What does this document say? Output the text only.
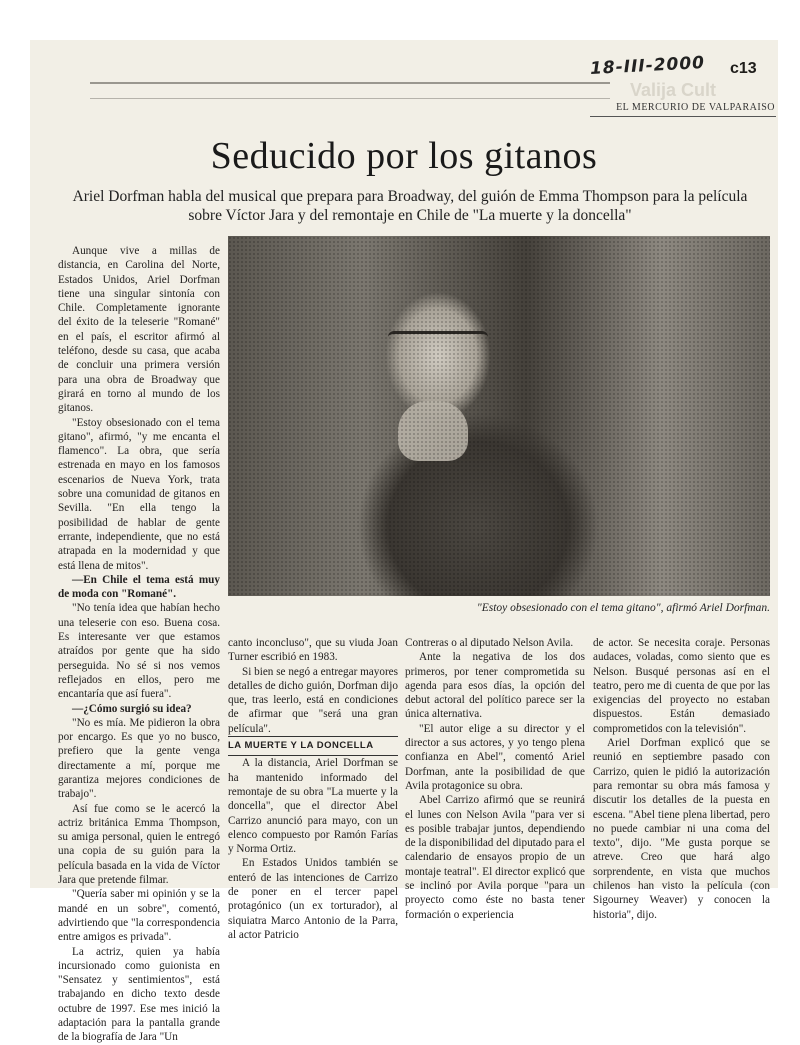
18-III-2000 c13
Valija Cult
EL MERCURIO DE VALPARAISO
Seducido por los gitanos
Ariel Dorfman habla del musical que prepara para Broadway, del guión de Emma Thompson para la película sobre Víctor Jara y del remontaje en Chile de "La muerte y la doncella"
"Estoy obsesionado con el tema gitano", afirmó Ariel Dorfman.

Aunque vive a millas de distancia, en Carolina del Norte, Estados Unidos, Ariel Dorfman tiene una singular sintonía con Chile. Completamente ignorante del éxito de la teleserie "Romané" en el país, el escritor afirmó al teléfono, desde su casa, que acaba de concluir una primera versión para una obra de Broadway que girará en torno al mundo de los gitanos.

"Estoy obsesionado con el tema gitano", afirmó, "y me encanta el flamenco". La obra, que sería estrenada en mayo en los famosos escenarios de Nueva York, trata sobre una comunidad de gitanos en Sevilla. "En ella tengo la posibilidad de hablar de gente errante, independiente, que no está atrapada en la modernidad y que está llena de mitos".

—En Chile el tema está muy de moda con "Romané".

"No tenía idea que habían hecho una teleserie con eso. Buena cosa. Es interesante ver que estamos atraídos por gente que ha sido perseguida. No sé si nos vemos reflejados en ellos, pero me encantaría que así fuera".

—¿Cómo surgió su idea?

"No es mía. Me pidieron la obra por encargo. Es que yo no busco, prefiero que la gente venga directamente a mí, porque me garantiza mejores condiciones de trabajo".

Así fue como se le acercó la actriz británica Emma Thompson, su amiga personal, quien le entregó una copia de su guión para la película basada en la vida de Víctor Jara que pretende filmar.

"Quería saber mi opinión y se la mandé en un sobre", comentó, advirtiendo que "la correspondencia entre amigos es privada".

La actriz, quien ya había incursionado como guionista en "Sensatez y sentimientos", está trabajando en dicho texto desde octubre de 1997. Ese mes inició la adaptación para la pantalla grande de la biografía de Jara "Un

canto inconcluso", que su viuda Joan Turner escribió en 1983.

Si bien se negó a entregar mayores detalles de dicho guión, Dorfman dijo que, tras leerlo, está en condiciones de afirmar que "será una gran película".

LA MUERTE Y LA DONCELLA

A la distancia, Ariel Dorfman se ha mantenido informado del remontaje de su obra "La muerte y la doncella", que el director Abel Carrizo anunció para mayo, con un elenco compuesto por Ramón Farías y Norma Ortiz.

En Estados Unidos también se enteró de las intenciones de Carrizo de poner en el tercer papel protagónico (un ex torturador), al siquiatra Marco Antonio de la Parra, al actor Patricio

Contreras o al diputado Nelson Avila.

Ante la negativa de los dos primeros, por tener comprometida su agenda para esos días, la opción del debut actoral del político parece ser la única alternativa.

"El autor elige a su director y el director a sus actores, y yo tengo plena confianza en Abel", comentó Ariel Dorfman, ante la posibilidad de que Avila protagonice su obra.

Abel Carrizo afirmó que se reunirá el lunes con Nelson Avila "para ver si es posible trabajar juntos, dependiendo de la disponibilidad del diputado para el calendario de ensayos propio de un montaje teatral". El director explicó que se inclinó por Avila porque "para un proyecto como éste no basta tener formación o experiencia

de actor. Se necesita coraje. Personas audaces, voladas, como siento que es Nelson. Busqué personas así en el teatro, pero me di cuenta de que por las exigencias del proyecto no estaban dispuestos. Están demasiado comprometidos con la televisión".

Ariel Dorfman explicó que se reunió en septiembre pasado con Carrizo, quien le pidió la autorización para remontar su obra más famosa y discutir los detalles de la puesta en escena. "Abel tiene plena libertad, pero no puede cambiar ni una coma del texto", dijo. "Me gusta porque se atreve. Creo que hará algo sorprendente, en vista que muchos chilenos han visto la película (con Sigourney Weaver) y conocen la historia", dijo.
